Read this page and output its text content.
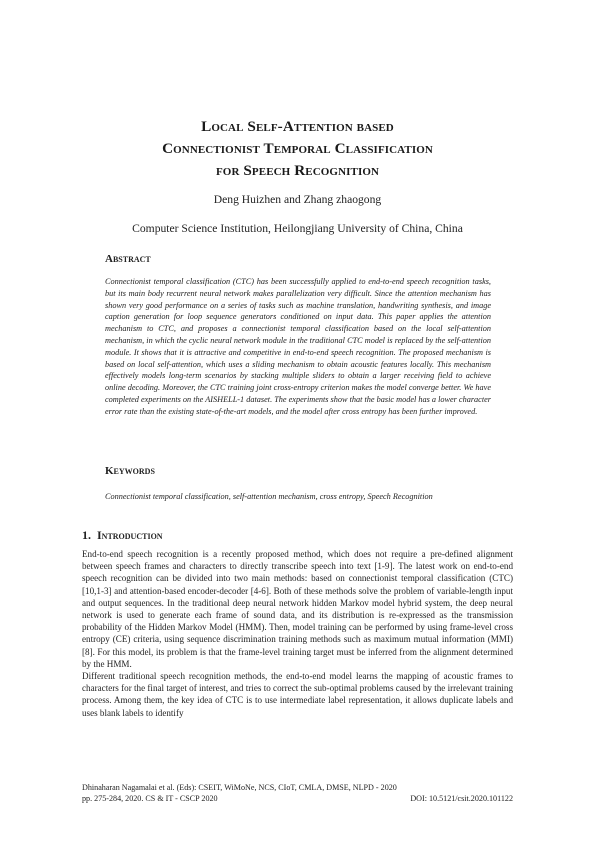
Local Self-Attention based
Connectionist Temporal Classification
for Speech Recognition
Deng Huizhen and Zhang zhaogong
Computer Science Institution, Heilongjiang University of China, China
Abstract
Connectionist temporal classification (CTC) has been successfully applied to end-to-end speech recognition tasks, but its main body recurrent neural network makes parallelization very difficult. Since the attention mechanism has shown very good performance on a series of tasks such as machine translation, handwriting synthesis, and image caption generation for loop sequence generators conditioned on input data. This paper applies the attention mechanism to CTC, and proposes a connectionist temporal classification based on the local self-attention mechanism, in which the cyclic neural network module in the traditional CTC model is replaced by the self-attention module. It shows that it is attractive and competitive in end-to-end speech recognition. The proposed mechanism is based on local self-attention, which uses a sliding mechanism to obtain acoustic features locally. This mechanism effectively models long-term scenarios by stacking multiple sliders to obtain a larger receiving field to achieve online decoding. Moreover, the CTC training joint cross-entropy criterion makes the model converge better. We have completed experiments on the AISHELL-1 dataset. The experiments show that the basic model has a lower character error rate than the existing state-of-the-art models, and the model after cross entropy has been further improved.
Keywords
Connectionist temporal classification, self-attention mechanism, cross entropy, Speech Recognition
1. Introduction

End-to-end speech recognition is a recently proposed method, which does not require a pre-defined alignment between speech frames and characters to directly transcribe speech into text [1-9]. The latest work on end-to-end speech recognition can be divided into two main methods: based on connectionist temporal classification (CTC) [10,1-3] and attention-based encoder-decoder [4-6]. Both of these methods solve the problem of variable-length input and output sequences. In the traditional deep neural network hidden Markov model hybrid system, the deep neural network is used to generate each frame of sound data, and its distribution is re-expressed as the transmission probability of the Hidden Markov Model (HMM). Then, model training can be performed by using frame-level cross entropy (CE) criteria, using sequence discrimination training methods such as maximum mutual information (MMI) [8]. For this model, its problem is that the frame-level training target must be inferred from the alignment determined by the HMM.

Different traditional speech recognition methods, the end-to-end model learns the mapping of acoustic frames to characters for the final target of interest, and tries to correct the sub-optimal problems caused by the irrelevant training process. Among them, the key idea of CTC is to use intermediate label representation, it allows duplicate labels and uses blank labels to identify

Dhinaharan Nagamalai et al. (Eds): CSEIT, WiMoNe, NCS, CIoT, CMLA, DMSE, NLPD - 2020
pp. 275-284, 2020. CS & IT - CSCP 2020	DOI: 10.5121/csit.2020.101122
